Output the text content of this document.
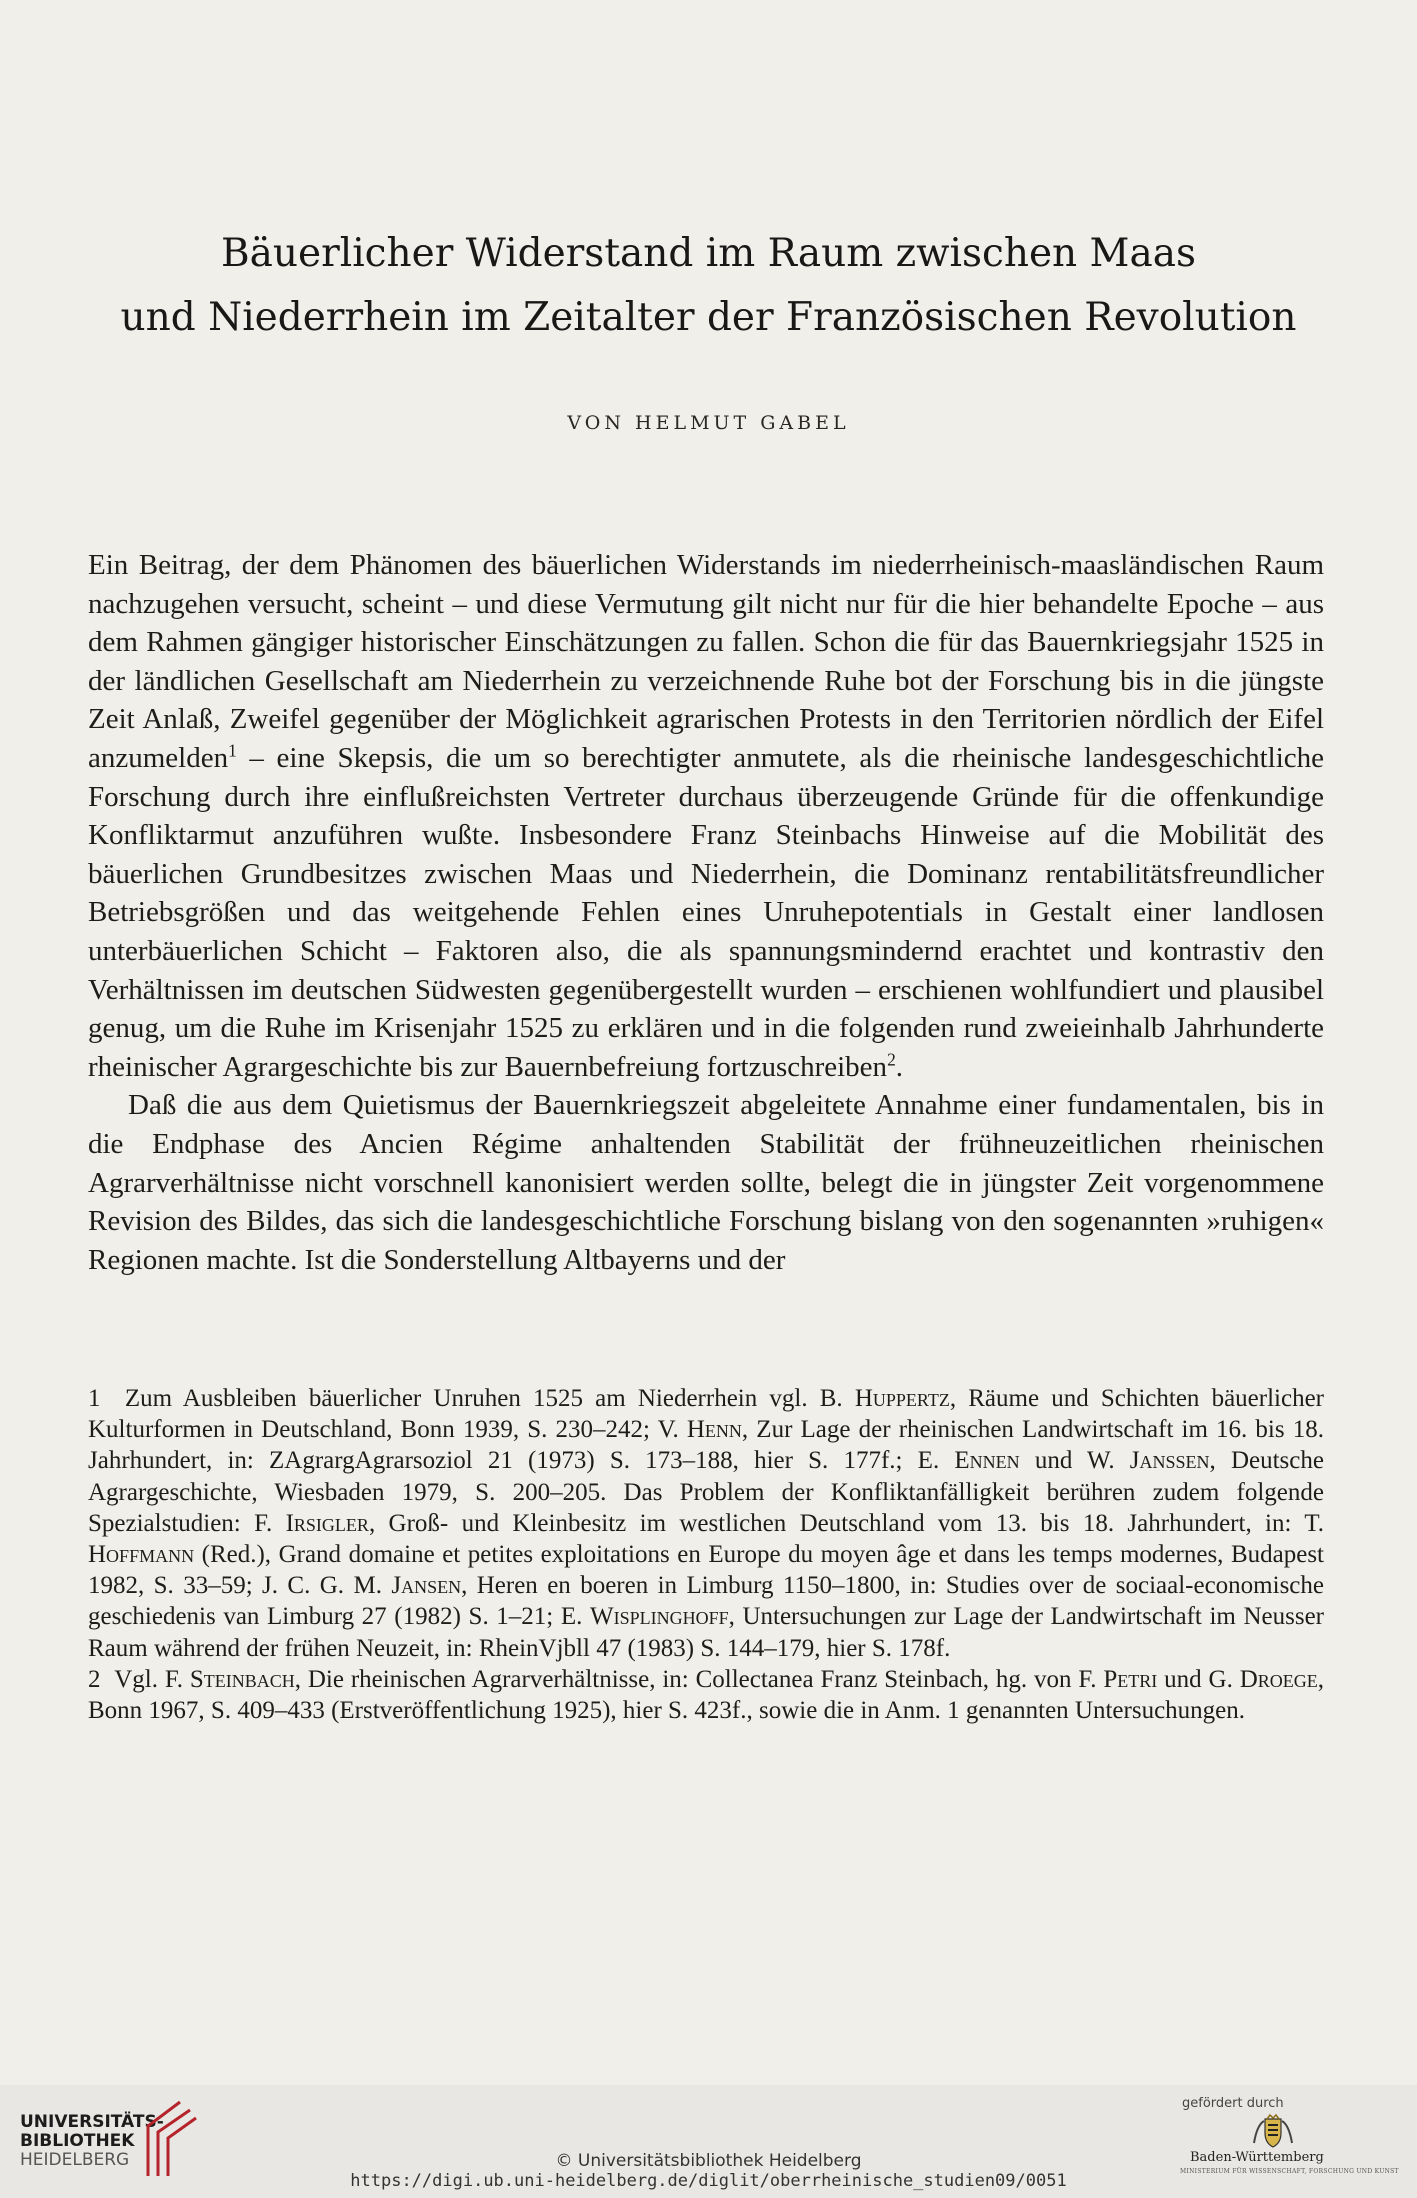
Bäuerlicher Widerstand im Raum zwischen Maas
und Niederrhein im Zeitalter der Französischen Revolution
VON HELMUT GABEL

Ein Beitrag, der dem Phänomen des bäuerlichen Widerstands im niederrheinisch-maasländischen Raum nachzugehen versucht, scheint – und diese Vermutung gilt nicht nur für die hier behandelte Epoche – aus dem Rahmen gängiger historischer Einschätzungen zu fallen. Schon die für das Bauernkriegsjahr 1525 in der ländlichen Gesellschaft am Niederrhein zu verzeichnende Ruhe bot der Forschung bis in die jüngste Zeit Anlaß, Zweifel gegenüber der Möglichkeit agrarischen Protests in den Territorien nördlich der Eifel anzumelden$^1$ – eine Skepsis, die um so berechtigter anmutete, als die rheinische landesgeschichtliche Forschung durch ihre einflußreichsten Vertreter durchaus überzeugende Gründe für die offenkundige Konfliktarmut anzuführen wußte. Insbesondere Franz Steinbachs Hinweise auf die Mobilität des bäuerlichen Grundbesitzes zwischen Maas und Niederrhein, die Dominanz rentabilitätsfreundlicher Betriebsgrößen und das weitgehende Fehlen eines Unruhepotentials in Gestalt einer landlosen unterbäuerlichen Schicht – Faktoren also, die als spannungsmindernd erachtet und kontrastiv den Verhältnissen im deutschen Südwesten gegenübergestellt wurden – erschienen wohlfundiert und plausibel genug, um die Ruhe im Krisenjahr 1525 zu erklären und in die folgenden rund zweieinhalb Jahrhunderte rheinischer Agrargeschichte bis zur Bauernbefreiung fortzuschreiben$^2$.

Daß die aus dem Quietismus der Bauernkriegszeit abgeleitete Annahme einer fundamentalen, bis in die Endphase des Ancien Régime anhaltenden Stabilität der frühneuzeitlichen rheinischen Agrarverhältnisse nicht vorschnell kanonisiert werden sollte, belegt die in jüngster Zeit vorgenommene Revision des Bildes, das sich die landesgeschichtliche Forschung bislang von den sogenannten »ruhigen« Regionen machte. Ist die Sonderstellung Altbayerns und der

1 Zum Ausbleiben bäuerlicher Unruhen 1525 am Niederrhein vgl. B. Huppertz, Räume und Schichten bäuerlicher Kulturformen in Deutschland, Bonn 1939, S. 230–242; V. Henn, Zur Lage der rheinischen Landwirtschaft im 16. bis 18. Jahrhundert, in: ZAgrargAgrarsoziol 21 (1973) S. 173–188, hier S. 177f.; E. Ennen und W. Janssen, Deutsche Agrargeschichte, Wiesbaden 1979, S. 200–205. Das Problem der Konfliktanfälligkeit berühren zudem folgende Spezialstudien: F. Irsigler, Groß- und Kleinbesitz im westlichen Deutschland vom 13. bis 18. Jahrhundert, in: T. Hoffmann (Red.), Grand domaine et petites exploitations en Europe du moyen âge et dans les temps modernes, Budapest 1982, S. 33–59; J. C. G. M. Jansen, Heren en boeren in Limburg 1150–1800, in: Studies over de sociaal-economische geschiedenis van Limburg 27 (1982) S. 1–21; E. Wisplinghoff, Untersuchungen zur Lage der Landwirtschaft im Neusser Raum während der frühen Neuzeit, in: RheinVjbll 47 (1983) S. 144–179, hier S. 178f.

2 Vgl. F. Steinbach, Die rheinischen Agrarverhältnisse, in: Collectanea Franz Steinbach, hg. von F. Petri und G. Droege, Bonn 1967, S. 409–433 (Erstveröffentlichung 1925), hier S. 423f., sowie die in Anm. 1 genannten Untersuchungen.

UNIVERSITÄTS-
BIBLIOTHEK
HEIDELBERG	© Universitätsbibliothek Heidelberg
https://digi.ub.uni-heidelberg.de/diglit/oberrheinische_studien09/0051
gefördert durch
Baden-Württemberg
MINISTERIUM FÜR WISSENSCHAFT, FORSCHUNG UND KUNST
